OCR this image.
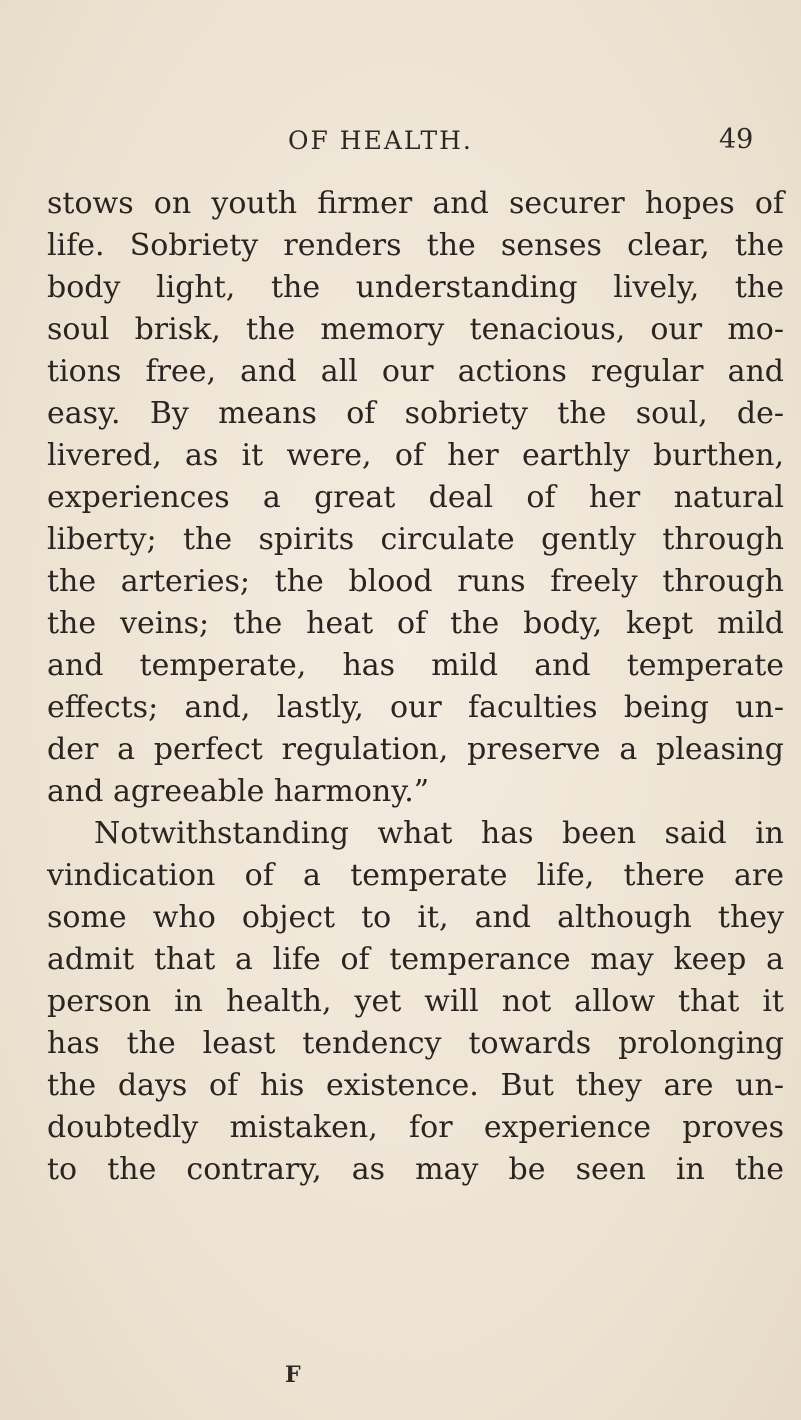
OF HEALTH.	49
stows on youth firmer and securer hopes of
life. Sobriety renders the senses clear, the
body light, the understanding lively, the
soul brisk, the memory tenacious, our mo-
tions free, and all our actions regular and
easy. By means of sobriety the soul, de-
livered, as it were, of her earthly burthen,
experiences a great deal of her natural
liberty; the spirits circulate gently through
the arteries; the blood runs freely through
the veins; the heat of the body, kept mild
and temperate, has mild and temperate
effects; and, lastly, our faculties being un-
der a perfect regulation, preserve a pleasing
and agreeable harmony.”
Notwithstanding what has been said in
vindication of a temperate life, there are
some who object to it, and although they
admit that a life of temperance may keep a
person in health, yet will not allow that it
has the least tendency towards prolonging
the days of his existence. But they are un-
doubtedly mistaken, for experience proves
to the contrary, as may be seen in the
F
